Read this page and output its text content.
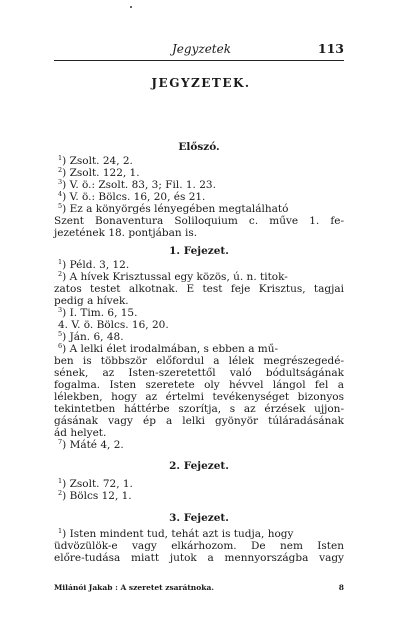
Jegyzetek	113
JEGYZETEK.
Előszó.
$^1$) Zsolt. 24, 2.
$^2$) Zsolt. 122, 1.
$^3$) V. ö.: Zsolt. 83, 3; Fil. 1. 23.
$^4$) V. ö.: Bölcs. 16, 20, és 21.
$^5$) Ez a könyörgés lényegében megtalálható
Szent Bonaventura Soliloquium c. műve 1. fe-
jezetének 18. pontjában is.
1. Fejezet.
$^1$) Péld. 3, 12.
$^2$) A hívek Krisztussal egy közös, ú. n. titok-
zatos testet alkotnak. E test feje Krisztus, tagjai
pedig a hívek.
$^3$) I. Tim. 6, 15.
4. V. ö. Bölcs. 16, 20.
$^5$) Ján. 6, 48.
$^6$) A lelki élet irodalmában, s ebben a mű-
ben is többször előfordul a lélek megrészegedé-
sének, az Isten-szeretettől való bódultságának
fogalma. Isten szeretete oly hévvel lángol fel a
lélekben, hogy az értelmi tevékenységet bizonyos
tekintetben háttérbe szorítja, s az érzések ujjon-
gásának vagy ép a lelki gyönyör túláradásának
ád helyet.
$^7$) Máté 4, 2.
2. Fejezet.
$^1$) Zsolt. 72, 1.
$^2$) Bölcs 12, 1.
3. Fejezet.
$^1$) Isten mindent tud, tehát azt is tudja, hogy
üdvözülök-e vagy elkárhozom. De nem Isten
előre-tudása miatt jutok a mennyországba vagy
Milánói Jakab : A szeretet zsarátnoka.	8
